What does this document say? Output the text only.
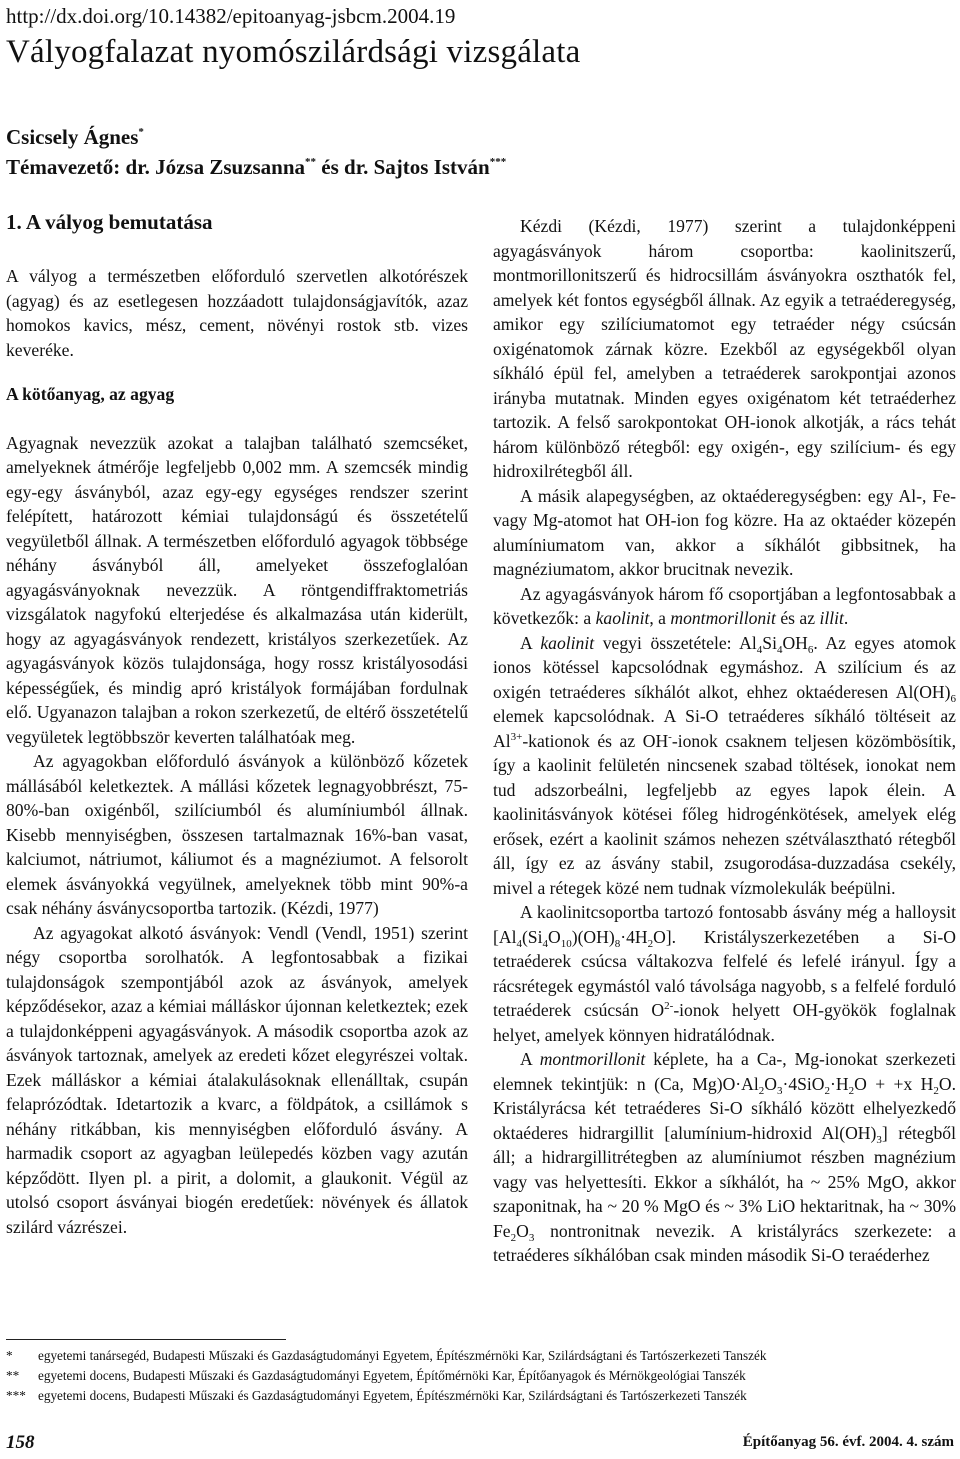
http://dx.doi.org/10.14382/epitoanyag-jsbcm.2004.19
Vályogfalazat nyomószilárdsági vizsgálata
Csicsely Ágnes*
Témavezető: dr. Józsa Zsuzsanna** és dr. Sajtos István***
1. A vályog bemutatása

A vályog a természetben előforduló szervetlen alkotórészek (agyag) és az esetlegesen hozzáadott tulajdonságjavítók, azaz homokos kavics, mész, cement, növényi rostok stb. vizes keveréke.

A kötőanyag, az agyag

Agyagnak nevezzük azokat a talajban található szemcséket, amelyeknek átmérője legfeljebb 0,002 mm. A szemcsék mindig egy-egy ásványból, azaz egy-egy egységes rendszer szerint felépített, határozott kémiai tulajdonságú és összetételű vegyületből állnak. A természetben előforduló agyagok többsége néhány ásványból áll, amelyeket összefoglalóan agyagásványoknak nevezzük. A röntgendiffraktometriás vizsgálatok nagyfokú elterjedése és alkalmazása után kiderült, hogy az agyagásványok rendezett, kristályos szerkezetűek. Az agyagásványok közös tulajdonsága, hogy rossz kristályosodási képességűek, és mindig apró kristályok formájában fordulnak elő. Ugyanazon talajban a rokon szerkezetű, de eltérő összetételű vegyületek legtöbbször keverten találhatóak meg.

Az agyagokban előforduló ásványok a különböző kőzetek mállásából keletkeztek. A mállási kőzetek legnagyobbrészt, 75-80%-ban oxigénből, szilíciumból és alumíniumból állnak. Kisebb mennyiségben, összesen tartalmaznak 16%-ban vasat, kalciumot, nátriumot, káliumot és a magnéziumot. A felsorolt elemek ásványokká vegyülnek, amelyeknek több mint 90%-a csak néhány ásványcsoportba tartozik. (Kézdi, 1977)

Az agyagokat alkotó ásványok: Vendl (Vendl, 1951) szerint négy csoportba sorolhatók. A legfontosabbak a fizikai tulajdonságok szempontjából azok az ásványok, amelyek képződésekor, azaz a kémiai málláskor újonnan keletkeztek; ezek a tulajdonképpeni agyagásványok. A második csoportba azok az ásványok tartoznak, amelyek az eredeti kőzet elegyrészei voltak. Ezek málláskor a kémiai átalakulásoknak ellenálltak, csupán felaprózódtak. Idetartozik a kvarc, a földpátok, a csillámok s néhány ritkábban, kis mennyiségben előforduló ásvány. A harmadik csoport az agyagban leülepedés közben vagy azután képződött. Ilyen pl. a pirit, a dolomit, a glaukonit. Végül az utolsó csoport ásványai biogén eredetűek: növények és állatok szilárd vázrészei.

Kézdi (Kézdi, 1977) szerint a tulajdonképpeni agyagásványok három csoportba: kaolinitszerű, montmorillonitszerű és hidrocsillám ásványokra oszthatók fel, amelyek két fontos egységből állnak. Az egyik a tetraéderegység, amikor egy szilíciumatomot egy tetraéder négy csúcsán oxigénatomok zárnak közre. Ezekből az egységekből olyan síkháló épül fel, amelyben a tetraéderek sarokpontjai azonos irányba mutatnak. Minden egyes oxigénatom két tetraéderhez tartozik. A felső sarokpontokat OH-ionok alkotják, a rács tehát három különböző rétegből: egy oxigén-, egy szilícium- és egy hidroxilrétegből áll.

A másik alapegységben, az oktaéderegységben: egy Al-, Fe- vagy Mg-atomot hat OH-ion fog közre. Ha az oktaéder közepén alumíniumatom van, akkor a síkhálót gibbsitnek, ha magnéziumatom, akkor brucitnak nevezik.

Az agyagásványok három fő csoportjában a legfontosabbak a következők: a kaolinit, a montmorillonit és az illit.

A kaolinit vegyi összetétele: $Al_4Si_4OH_6$. Az egyes atomok ionos kötéssel kapcsolódnak egymáshoz. A szilícium és az oxigén tetraéderes síkhálót alkot, ehhez oktaéderesen $Al(OH)_6$ elemek kapcsolódnak. A Si-O tetraéderes síkháló töltéseit az $Al^{3+}$-kationok és az OH--ionok csaknem teljesen közömbösítik, így a kaolinit felületén nincsenek szabad töltések, ionokat nem tud adszorbeálni, legfeljebb az egyes lapok élein. A kaolinitásványok kötései főleg hidrogénkötések, amelyek elég erősek, ezért a kaolinit számos nehezen szétválasztható rétegből áll, így ez az ásvány stabil, zsugorodása-duzzadása csekély, mivel a rétegek közé nem tudnak vízmolekulák beépülni.

A kaolinitcsoportba tartozó fontosabb ásvány még a halloysit $[Al_4(Si_4O_{10})(OH)_8\cdot 4H_2O]$. Kristályszerkezetében a Si-O tetraéderek csúcsa váltakozva felfelé és lefelé irányul. Így a rácsrétegek egymástól való távolsága nagyobb, s a felfelé forduló tetraéderek csúcsán $O^{2-}$-ionok helyett OH-gyökök foglalnak helyet, amelyek könnyen hidratálódnak.

A montmorillonit képlete, ha a Ca-, Mg-ionokat szerkezeti elemnek tekintjük: n (Ca, $Mg)O\cdot Al_2O_3\cdot 4SiO_2\cdot H_2O + +x$ $H_2O$. Kristályrácsa két tetraéderes Si-O síkháló között elhelyezkedő oktaéderes hidrargillit [alumínium-hidroxid $Al(OH)_3$] rétegből áll; a hidrargillitrétegben az alumíniumot részben magnézium vagy vas helyettesíti. Ekkor a síkhálót, ha ~ 25% MgO, akkor szaponitnak, ha ~ 20 % MgO és ~ 3% LiO hektaritnak, ha ~ 30% $Fe_2O_3$ nontronitnak nevezik. A kristályrács szerkezete: a tetraéderes síkhálóban csak minden második Si-O teraéderhez

*	egyetemi tanársegéd, Budapesti Műszaki és Gazdaságtudományi Egyetem, Építészmérnöki Kar, Szilárdságtani és Tartószerkezeti Tanszék
**	egyetemi docens, Budapesti Műszaki és Gazdaságtudományi Egyetem, Építőmérnöki Kar, Építőanyagok és Mérnökgeológiai Tanszék
*** egyetemi docens, Budapesti Műszaki és Gazdaságtudományi Egyetem, Építészmérnöki Kar, Szilárdságtani és Tartószerkezeti Tanszék
158	Építőanyag 56. évf. 2004. 4. szám
